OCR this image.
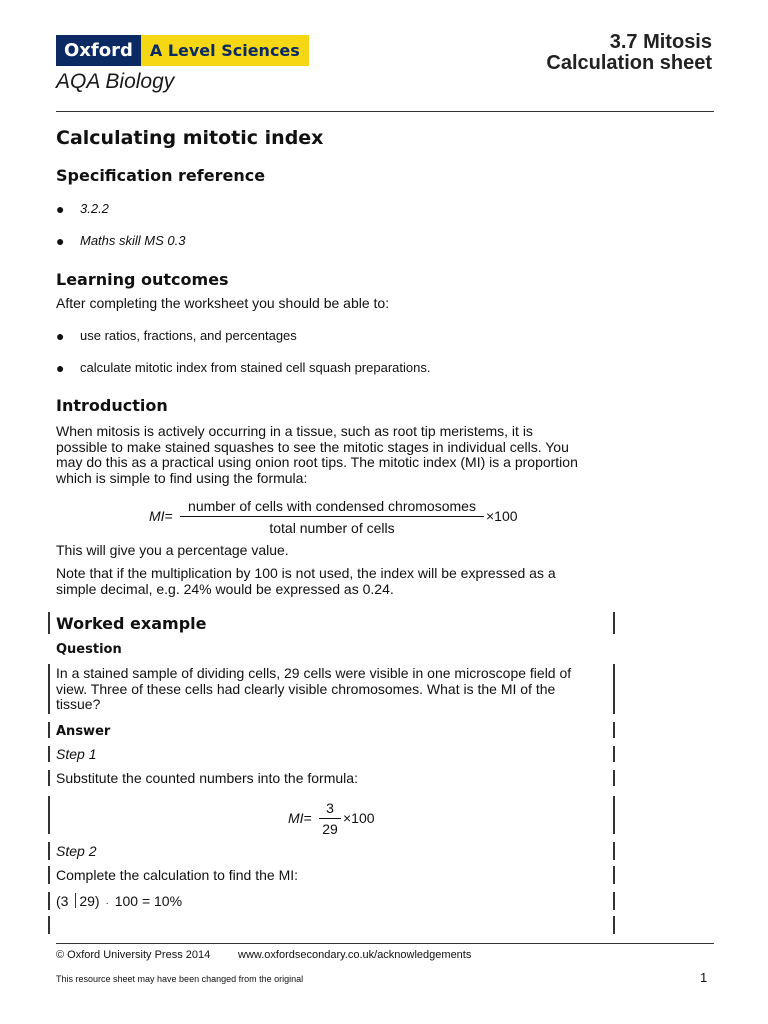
Oxford	A Level Sciences
AQA Biology
3.7 Mitosis
Calculation sheet
Calculating mitotic index
Specification reference
● 3.2.2
● Maths skill MS 0.3
Learning outcomes
After completing the worksheet you should be able to:
● use ratios, fractions, and percentages
● calculate mitotic index from stained cell squash preparations.
Introduction
When mitosis is actively occurring in a tissue, such as root tip meristems, it is
possible to make stained squashes to see the mitotic stages in individual cells. You
may do this as a practical using onion root tips. The mitotic index (MI) is a proportion
which is simple to find using the formula:
MI=
number of cells with condensed chromosomes
total number of cells
×100
This will give you a percentage value.
Note that if the multiplication by 100 is not used, the index will be expressed as a
simple decimal, e.g. 24% would be expressed as 0.24.
Worked example
Question
In a stained sample of dividing cells, 29 cells were visible in one microscope field of
view. Three of these cells had clearly visible chromosomes. What is the MI of the
tissue?
Answer
Step 1
Substitute the counted numbers into the formula:
MI=
3
29
×100
Step 2
Complete the calculation to find the MI:
(3 29) · 100 = 10%
© Oxford University Press 2014	www.oxfordsecondary.co.uk/acknowledgements
This resource sheet may have been changed from the original	1
